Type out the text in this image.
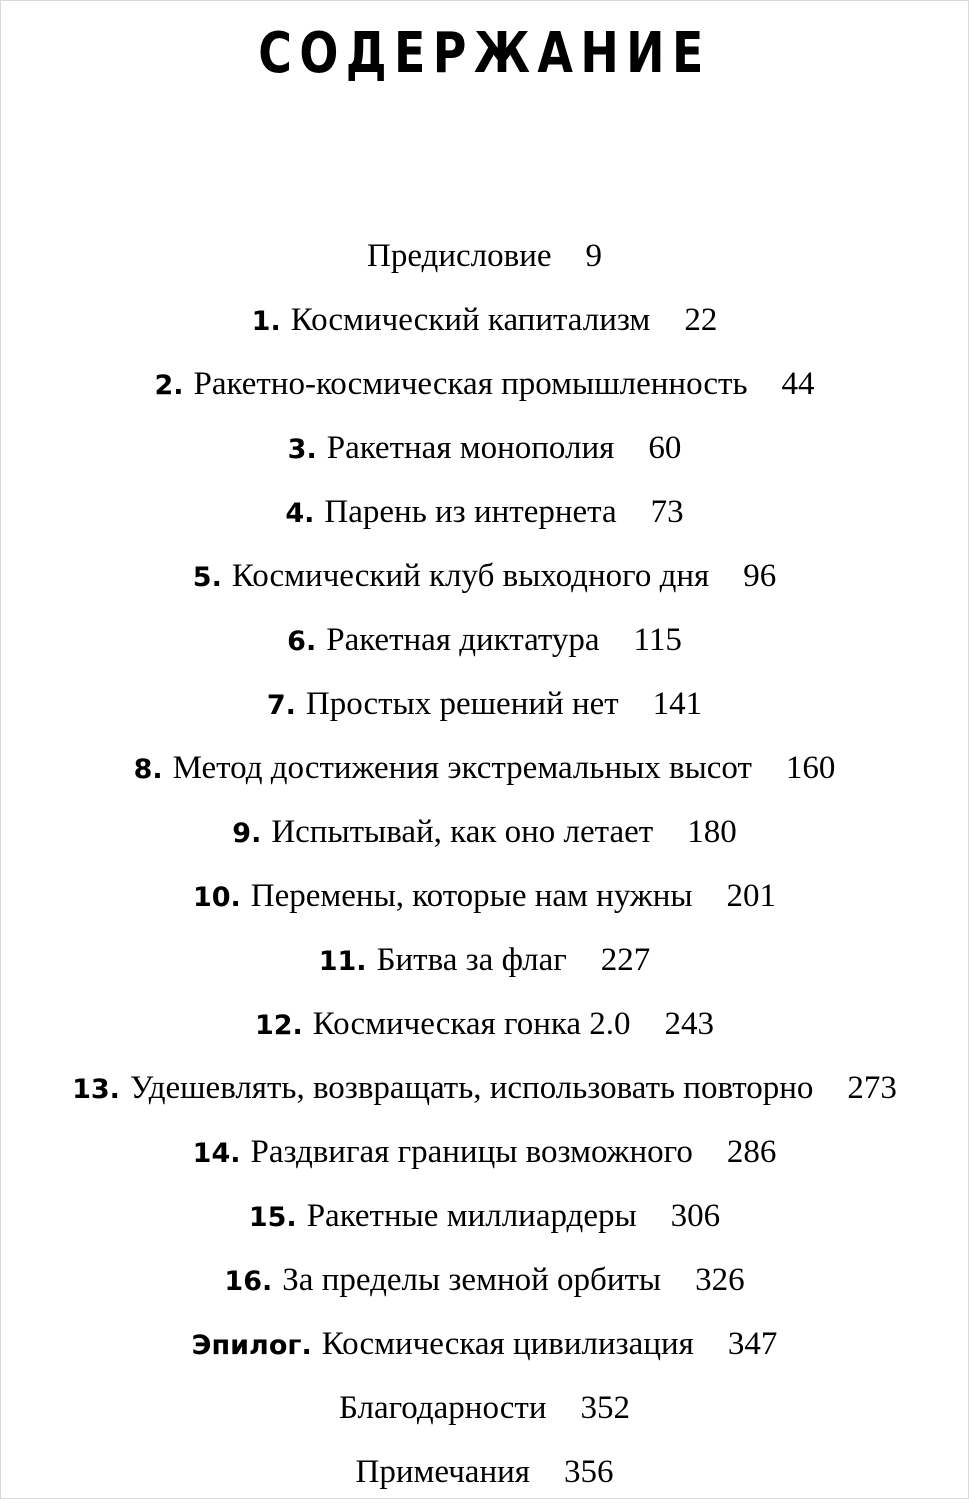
СОДЕРЖАНИЕ
Предисловие 9
1. Космический капитализм 22
2. Ракетно-космическая промышленность 44
3. Ракетная монополия 60
4. Парень из интернета 73
5. Космический клуб выходного дня 96
6. Ракетная диктатура 115
7. Простых решений нет 141
8. Метод достижения экстремальных высот 160
9. Испытывай, как оно летает 180
10. Перемены, которые нам нужны 201
11. Битва за флаг 227
12. Космическая гонка 2.0 243
13. Удешевлять, возвращать, использовать повторно 273
14. Раздвигая границы возможного 286
15. Ракетные миллиардеры 306
16. За пределы земной орбиты 326
Эпилог. Космическая цивилизация 347
Благодарности 352
Примечания 356
